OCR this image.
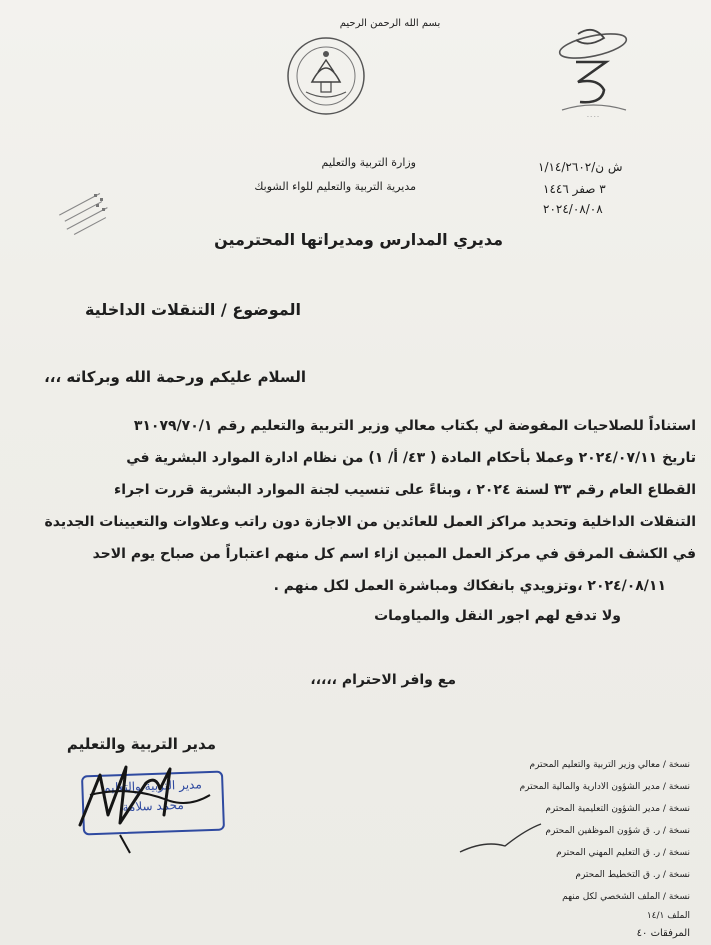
بسم الله الرحمن الرحيم
- - - -
وزارة التربية والتعليم
مديرية التربية والتعليم للواء الشوبك
ش ن/١/١٤/٢٦٠٢
٣ صفر ١٤٤٦
٢٠٢٤/٠٨/٠٨
مديري المدارس ومديراتها المحترمين
الموضوع / التنقلات الداخلية
السلام عليكم ورحمة الله وبركاته ،،،
استناداً للصلاحيات المفوضة لي بكتاب معالي وزير التربية والتعليم رقم ٣١٠٧٩/٧٠/١
تاريخ ٢٠٢٤/٠٧/١١ وعملا بأحكام المادة ( ٤٣/ أ/ ١) من نظام ادارة الموارد البشرية في
القطاع العام رقم ٣٣ لسنة ٢٠٢٤ ، وبناءً على تنسيب لجنة الموارد البشرية قررت اجراء
التنقلات الداخلية وتحديد مراكز العمل للعائدين من الاجازة دون راتب وعلاوات والتعيينات الجديدة
في الكشف المرفق في مركز العمل المبين ازاء اسم كل منهم اعتباراً من صباح يوم الاحد
٢٠٢٤/٠٨/١١ ،وتزويدي بانفكاك ومباشرة العمل لكل منهم .
ولا تدفع لهم اجور النقل والمياومات
مع وافر الاحترام ،،،،،
مدير التربية والتعليم
مدير التربية والتعليم
محمد سلامة
نسخة / معالي وزير التربية والتعليم المحترم
نسخة / مدير الشؤون الادارية والمالية المحترم
نسخة / مدير الشؤون التعليمية المحترم
نسخة / ر. ق شؤون الموظفين المحترم
نسخة / ر. ق التعليم المهني المحترم
نسخة / ر. ق التخطيط المحترم
نسخة / الملف الشخصي لكل منهم
الملف ١٤/١
المرفقات ٤٠
